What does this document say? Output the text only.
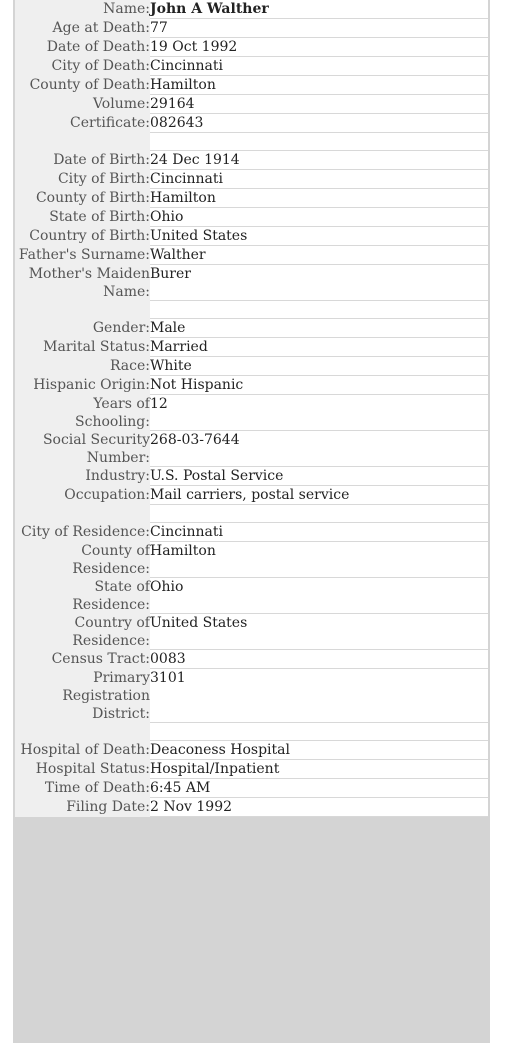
Name:	John A Walther
Age at Death:	77
Date of Death:	19 Oct 1992
City of Death:	Cincinnati
County of Death:	Hamilton
Volume:	29164
Certificate:	082643

Date of Birth:	24 Dec 1914
City of Birth:	Cincinnati
County of Birth:	Hamilton
State of Birth:	Ohio
Country of Birth:	United States
Father's Surname:	Walther
Mother's Maiden Name:	Burer

Gender:	Male
Marital Status:	Married
Race:	White
Hispanic Origin:	Not Hispanic
Years of Schooling:	12
Social Security Number:	268-03-7644
Industry:	U.S. Postal Service
Occupation:	Mail carriers, postal service

City of Residence:	Cincinnati
County of Residence:	Hamilton
State of Residence:	Ohio
Country of Residence:	United States
Census Tract:	0083
Primary Registration District:	3101

Hospital of Death:	Deaconess Hospital
Hospital Status:	Hospital/Inpatient
Time of Death:	6:45 AM
Filing Date:	2 Nov 1992
